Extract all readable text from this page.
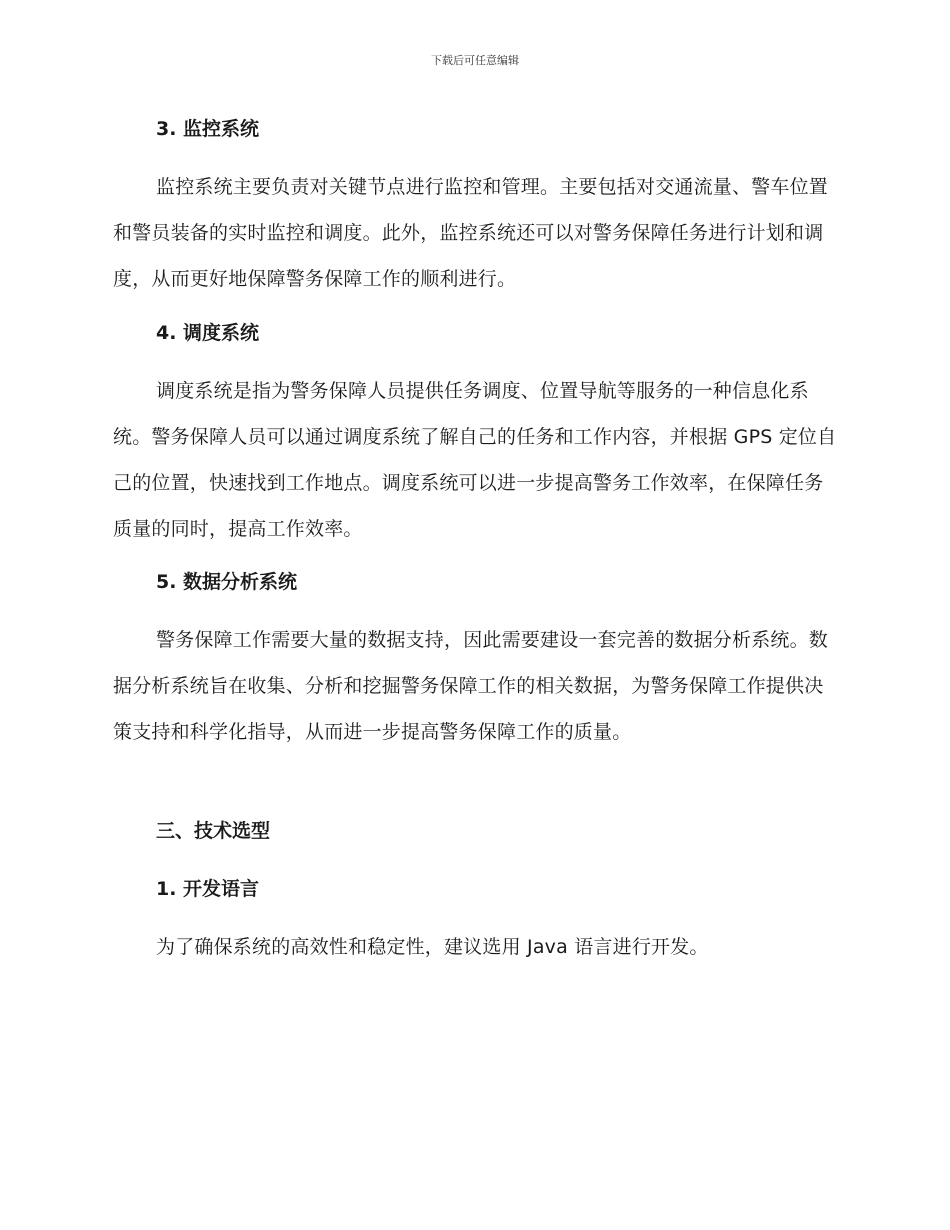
下载后可任意编辑
3. 监控系统
监控系统主要负责对关键节点进行监控和管理。主要包括对交通流量、警车位置和警员装备的实时监控和调度。此外，监控系统还可以对警务保障任务进行计划和调度，从而更好地保障警务保障工作的顺利进行。
4. 调度系统
调度系统是指为警务保障人员提供任务调度、位置导航等服务的一种信息化系统。警务保障人员可以通过调度系统了解自己的任务和工作内容，并根据 GPS 定位自己的位置，快速找到工作地点。调度系统可以进一步提高警务工作效率，在保障任务质量的同时，提高工作效率。
5. 数据分析系统
警务保障工作需要大量的数据支持，因此需要建设一套完善的数据分析系统。数据分析系统旨在收集、分析和挖掘警务保障工作的相关数据，为警务保障工作提供决策支持和科学化指导，从而进一步提高警务保障工作的质量。
三、技术选型
1. 开发语言
为了确保系统的高效性和稳定性，建议选用 Java 语言进行开发。
